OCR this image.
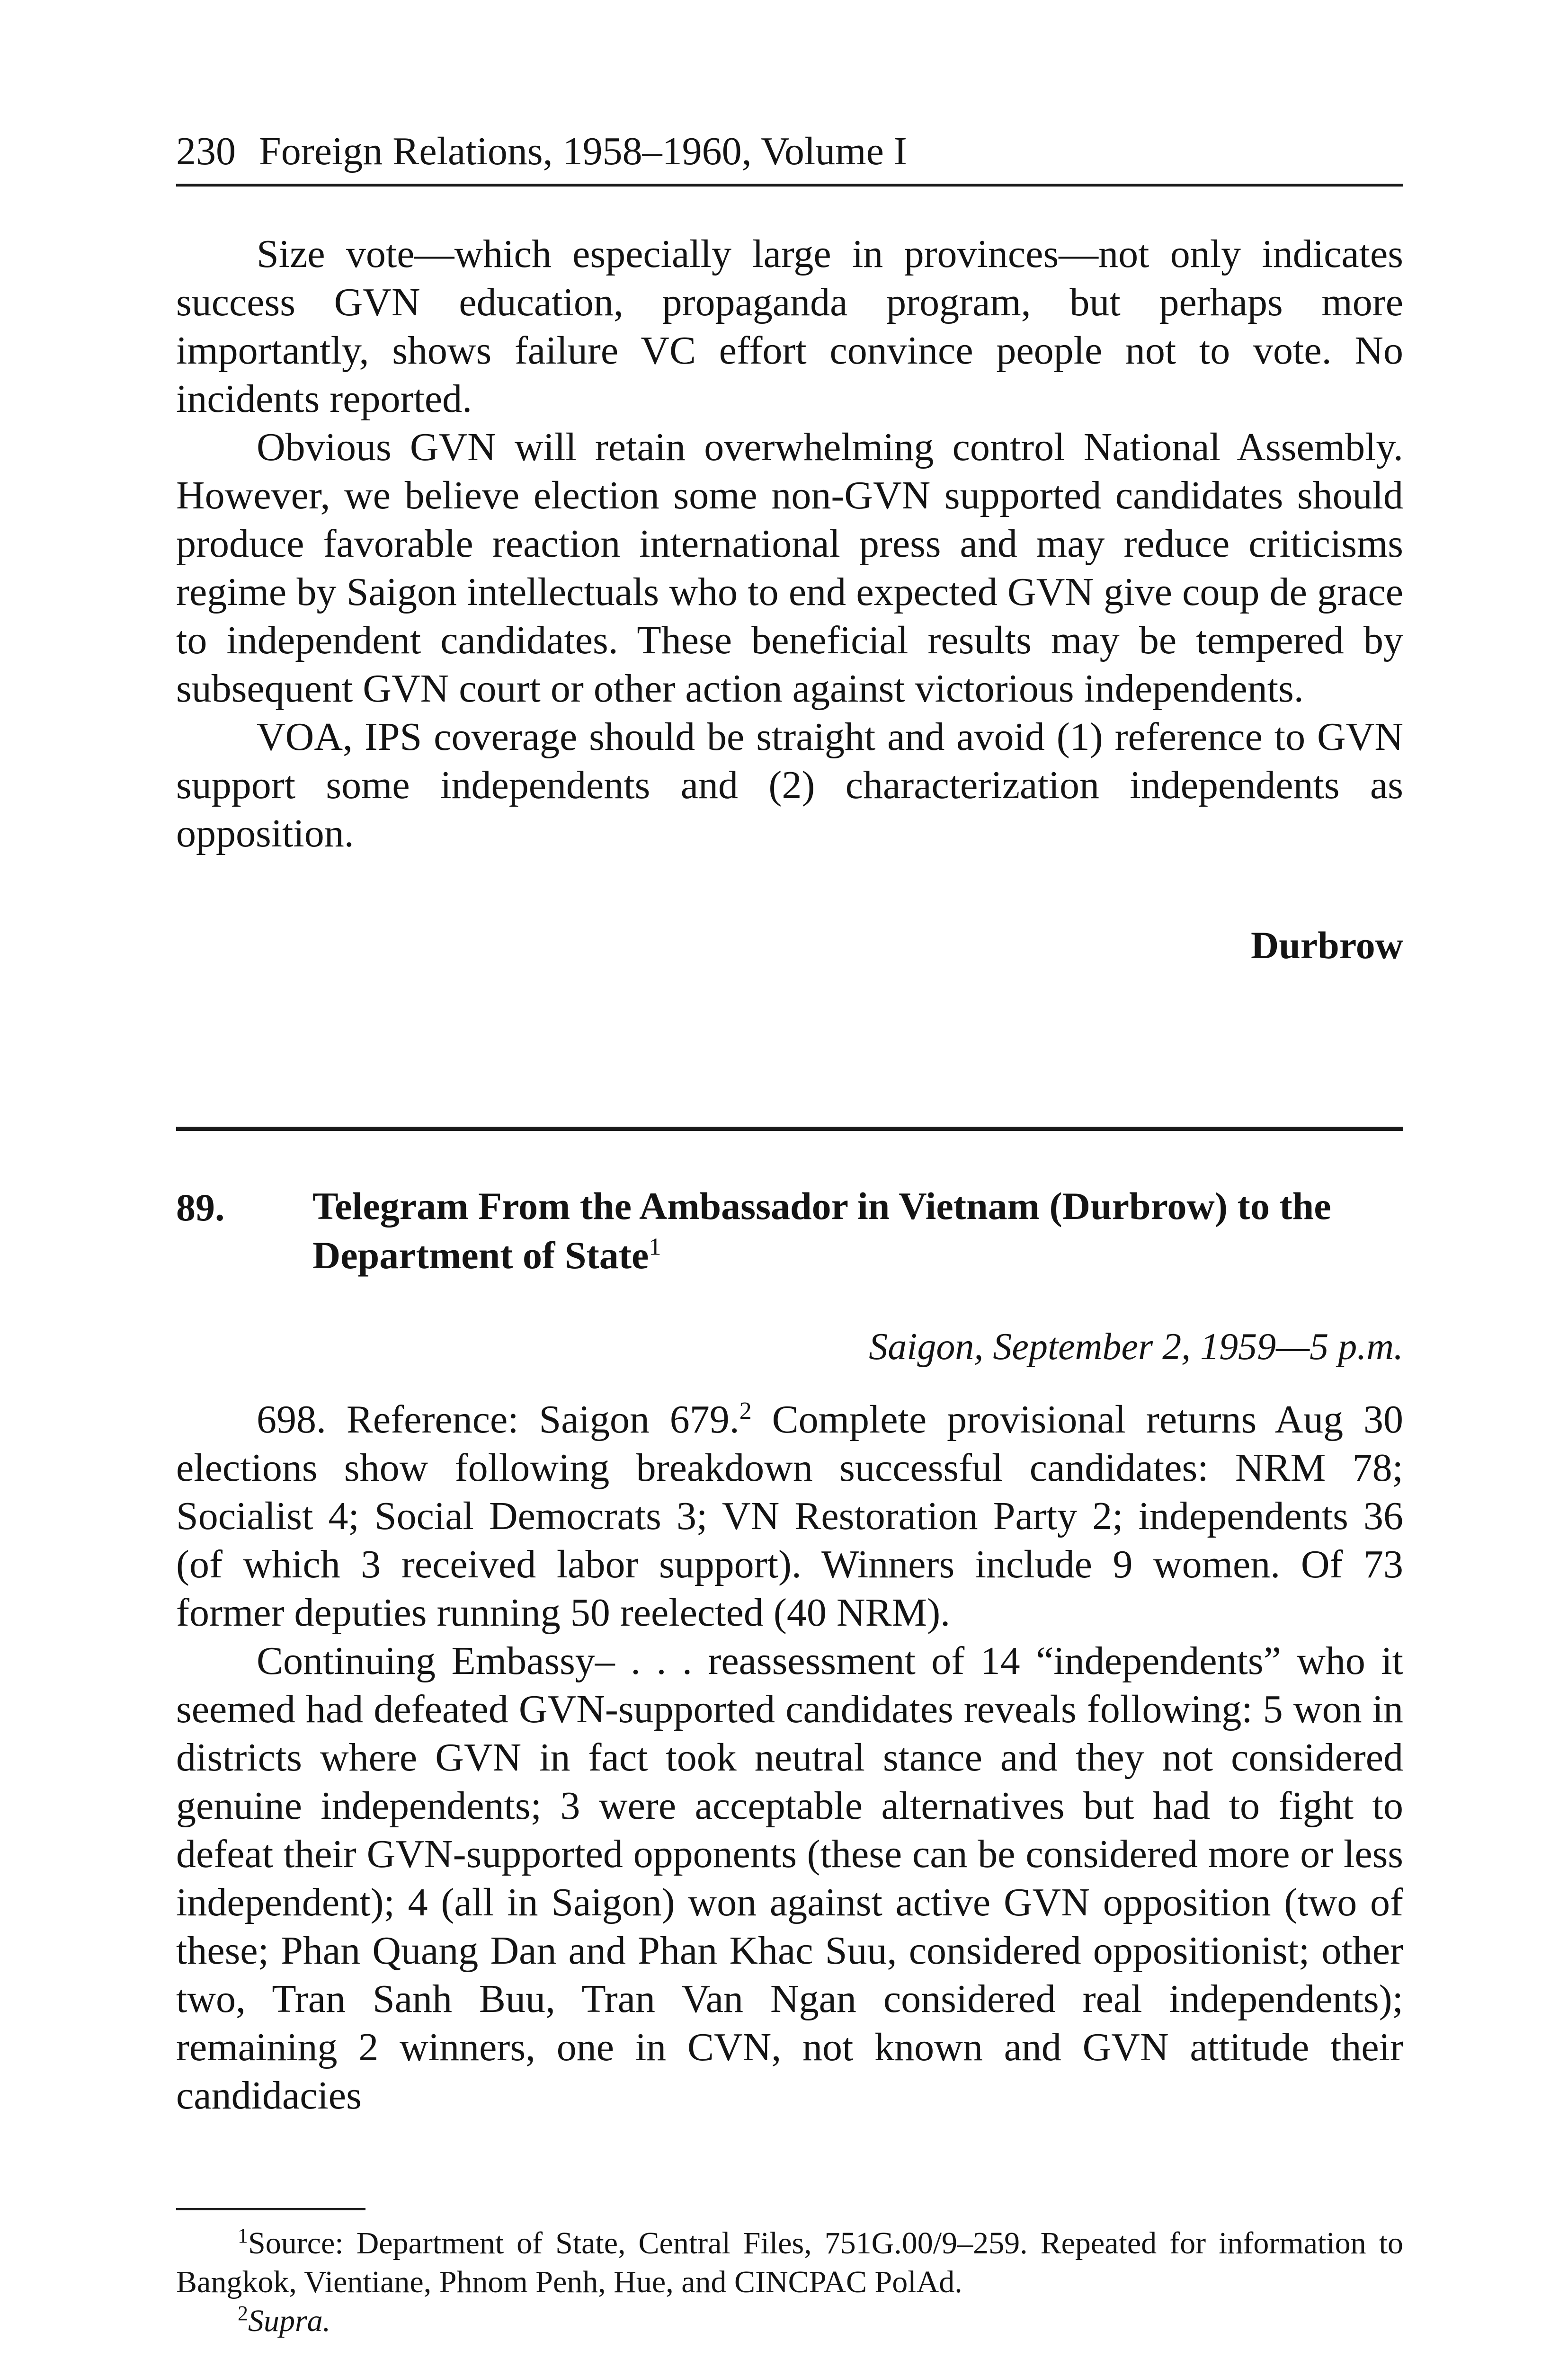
230 Foreign Relations, 1958–1960, Volume I

Size vote—which especially large in provinces—not only indicates success GVN education, propaganda program, but perhaps more importantly, shows failure VC effort convince people not to vote. No incidents reported.

Obvious GVN will retain overwhelming control National Assembly. However, we believe election some non-GVN supported candidates should produce favorable reaction international press and may reduce criticisms regime by Saigon intellectuals who to end expected GVN give coup de grace to independent candidates. These beneficial results may be tempered by subsequent GVN court or other action against victorious independents.

VOA, IPS coverage should be straight and avoid (1) reference to GVN support some independents and (2) characterization independents as opposition.

Durbrow
89. Telegram From the Ambassador in Vietnam (Durbrow) to the Department of State$^1$
Saigon, September 2, 1959—5 p.m.

698. Reference: Saigon 679.$^2$ Complete provisional returns Aug 30 elections show following breakdown successful candidates: NRM 78; Socialist 4; Social Democrats 3; VN Restoration Party 2; independents 36 (of which 3 received labor support). Winners include 9 women. Of 73 former deputies running 50 reelected (40 NRM).

Continuing Embassy– . . . reassessment of 14 “independents” who it seemed had defeated GVN-supported candidates reveals following: 5 won in districts where GVN in fact took neutral stance and they not considered genuine independents; 3 were acceptable alternatives but had to fight to defeat their GVN-supported opponents (these can be considered more or less independent); 4 (all in Saigon) won against active GVN opposition (two of these; Phan Quang Dan and Phan Khac Suu, considered oppositionist; other two, Tran Sanh Buu, Tran Van Ngan considered real independents); remaining 2 winners, one in CVN, not known and GVN attitude their candidacies

$^1$Source: Department of State, Central Files, 751G.00/9–259. Repeated for information to Bangkok, Vientiane, Phnom Penh, Hue, and CINCPAC PolAd.

$^2$Supra.
